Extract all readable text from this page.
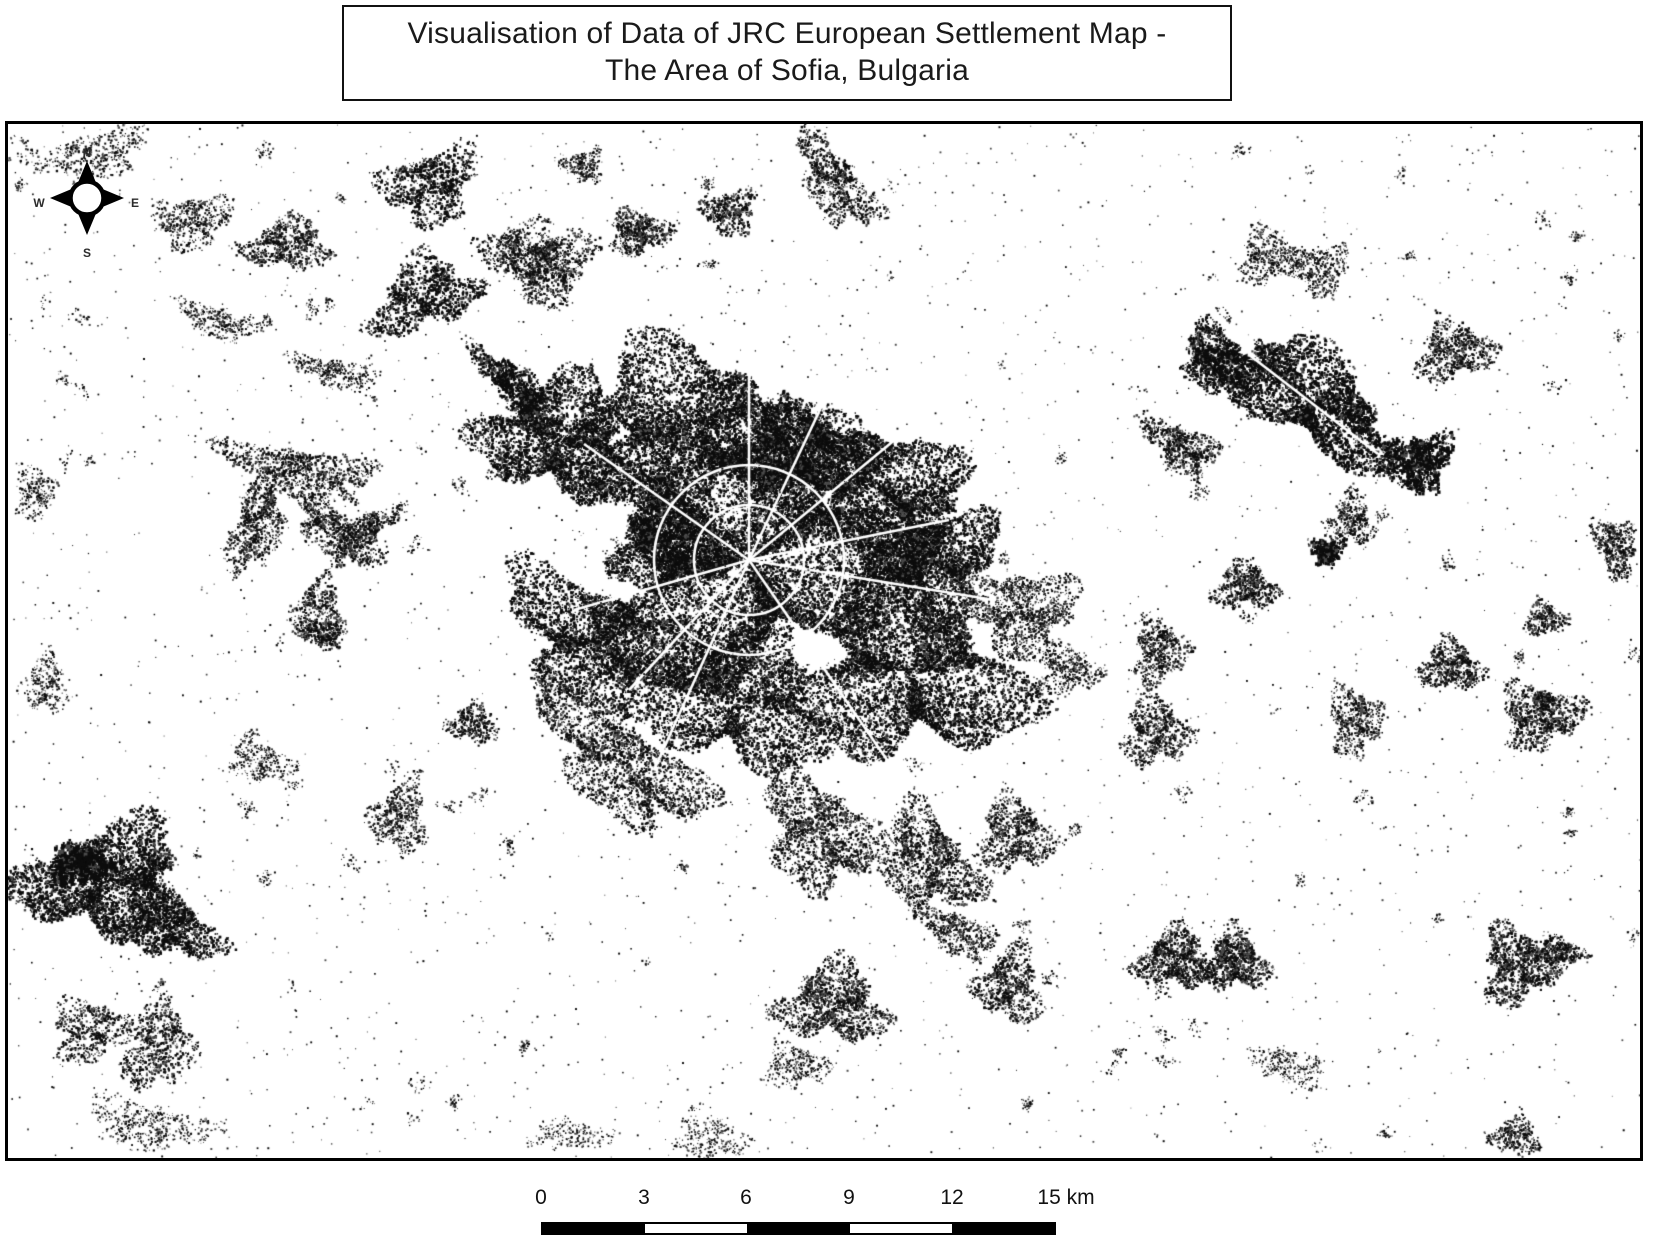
Visualisation of Data of JRC European Settlement Map -
The Area of Sofia, Bulgaria
N
S
W	E
0	3	6	9	12	15 km
